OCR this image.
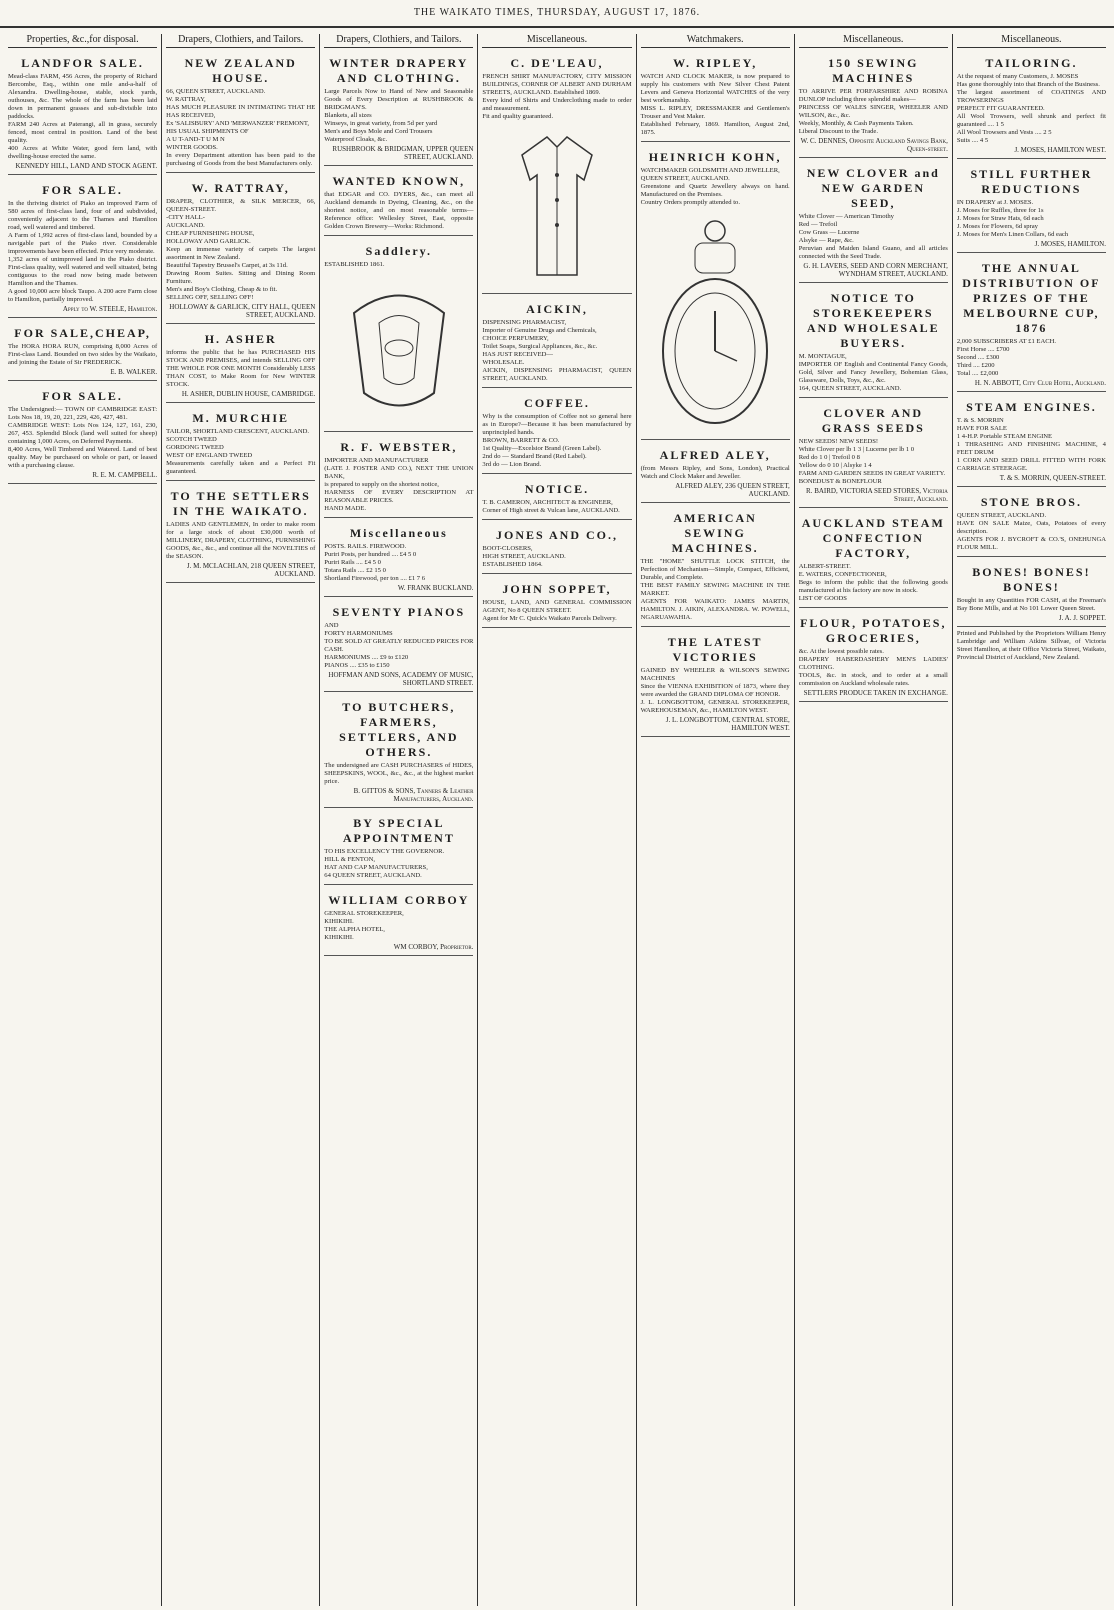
THE WAIKATO TIMES, THURSDAY, AUGUST 17, 1876.
Properties, &c.,for disposal.
LANDFOR SALE.
Mead-class FARM, 456 Acres, the property of Richard Bercombe, Esq., within one mile and-a-half of Alexandra. Dwelling-house, stable, stock yards, outhouses, &c. The whole of the farm has been laid down in permanent grasses and sub-divisible into paddocks.
FARM 240 Acres at Paterangi, all in grass, securely fenced, most central in position. Land of the best quality.
400 Acres at White Water, good fern land, with dwelling-house erected the same.
KENNEDY HILL, LAND AND STOCK AGENT.
FOR SALE.
In the thriving district of Piako an improved Farm of 580 acres of first-class land, four of and subdivided, conveniently adjacent to the Thames and Hamilton road, well watered and timbered.
A Farm of 1,992 acres of first-class land, bounded by a navigable part of the Piako river. Considerable improvements have been effected. Price very moderate.
1,352 acres of unimproved land in the Piako district. First-class quality, well watered and well situated, being contiguous to the road now being made between Hamilton and the Thames.
A good 10,000 acre block Taupo. A 200 acre Farm close to Hamilton, partially improved.
Apply to W. STEELE, Hamilton.
FOR SALE,CHEAP,
The HORA HORA RUN, comprising 8,000 Acres of First-class Land. Bounded on two sides by the Waikato, and joining the Estate of Sir FREDERICK.
E. B. WALKER.
FOR SALE.
The Undersigned:— TOWN OF CAMBRIDGE EAST: Lots Nos 18, 19, 20, 221, 229, 426, 427, 481.
CAMBRIDGE WEST: Lots Nos 124, 127, 161, 230, 267, 453. Splendid Block (land well suited for sheep) containing 1,000 Acres, on Deferred Payments.
8,400 Acres, Well Timbered and Watered. Land of best quality. May be purchased on whole or part, or leased with a purchasing clause.
R. E. M. CAMPBELL.
Drapers, Clothiers, and Tailors.
NEW ZEALAND HOUSE.
66, QUEEN STREET, AUCKLAND.
W. RATTRAY,
HAS MUCH PLEASURE IN INTIMATING THAT HE HAS RECEIVED,
Ex 'SALISBURY' AND 'MERWANZER' FREMONT,
HIS USUAL SHIPMENTS OF
A U T-AND-T U M N
WINTER GOODS.
In every Department attention has been paid to the purchasing of Goods from the best Manufacturers only.
W. RATTRAY,
DRAPER, CLOTHIER, & SILK MERCER, 66, QUEEN-STREET.
-CITY HALL-
AUCKLAND.
CHEAP FURNISHING HOUSE,
HOLLOWAY AND GARLICK.
Keep an immense variety of carpets The largest assortment in New Zealand.
Beautiful Tapestry Brussel's Carpet, at 3s 11d.
Drawing Room Suites. Sitting and Dining Room Furniture.
Men's and Boy's Clothing, Cheap & to fit.
SELLING OFF, SELLING OFF!
HOLLOWAY & GARLICK, CITY HALL, QUEEN STREET, AUCKLAND.
H. ASHER
informs the public that he has PURCHASED HIS STOCK AND PREMISES, and intends SELLING OFF THE WHOLE FOR ONE MONTH Considerably LESS THAN COST, to Make Room for New WINTER STOCK.
H. ASHER, DUBLIN HOUSE, CAMBRIDGE.
M. MURCHIE
TAILOR, SHORTLAND CRESCENT, AUCKLAND.
SCOTCH TWEED
GORDONG TWEED
WEST OF ENGLAND TWEED
Measurements carefully taken and a Perfect Fit guaranteed.
TO THE SETTLERS IN THE WAIKATO.
LADIES AND GENTLEMEN, In order to make room for a large stock of about £30,000 worth of MILLINERY, DRAPERY, CLOTHING, FURNISHING GOODS, &c., &c., and continue all the NOVELTIES of the SEASON.
J. M. MCLACHLAN, 218 QUEEN STREET, AUCKLAND.
Drapers, Clothiers, and Tailors.
WINTER DRAPERY AND CLOTHING.
Large Parcels Now to Hand of New and Seasonable Goods of Every Description at RUSHBROOK & BRIDGMAN'S.
Blankets, all sizes
Winseys, in great variety, from 5d per yard
Men's and Boys Mole and Cord Trousers
Waterproof Cloaks, &c.
RUSHBROOK & BRIDGMAN, UPPER QUEEN STREET, AUCKLAND.
WANTED KNOWN,
that EDGAR and CO. DYERS, &c., can meet all Auckland demands in Dyeing, Cleaning, &c., on the shortest notice, and on most reasonable terms—Reference office: Wellesley Street, East, opposite Golden Crown Brewery—Works: Richmond.
Saddlery.
ESTABLISHED 1861.
R. F. WEBSTER,
IMPORTER AND MANUFACTURER
(LATE J. FOSTER AND CO.), NEXT THE UNION BANK,
is prepared to supply on the shortest notice,
HARNESS OF EVERY DESCRIPTION AT REASONABLE PRICES.
HAND MADE.
Miscellaneous
POSTS. RAILS. FIREWOOD.
Puriri Posts, per hundred .... £4 5 0
Puriri Rails .... £4 5 0
Totara Rails .... £2 15 0
Shortland Firewood, per ton .... £1 7 6
W. FRANK BUCKLAND.
SEVENTY PIANOS
AND
FORTY HARMONIUMS
TO BE SOLD AT GREATLY REDUCED PRICES FOR CASH.
HARMONIUMS .... £9 to £120
PIANOS .... £35 to £150
HOFFMAN AND SONS, ACADEMY OF MUSIC, SHORTLAND STREET.
TO BUTCHERS, FARMERS, SETTLERS, AND OTHERS.
The undersigned are CASH PURCHASERS of HIDES, SHEEPSKINS, WOOL, &c., &c., at the highest market price.
B. GITTOS & SONS, Tanners & Leather Manufacturers, Auckland.
BY SPECIAL APPOINTMENT
TO HIS EXCELLENCY THE GOVERNOR.
HILL & FENTON,
HAT AND CAP MANUFACTURERS,
64 QUEEN STREET, AUCKLAND.
WILLIAM CORBOY
GENERAL STOREKEEPER,
KIHIKIHI.
THE ALPHA HOTEL,
KIHIKIHI.
WM CORBOY, Proprietor.
Miscellaneous.
C. DE'LEAU,
FRENCH SHIRT MANUFACTORY, CITY MISSION BUILDINGS, CORNER OF ALBERT AND DURHAM STREETS, AUCKLAND. Established 1869.
Every kind of Shirts and Underclothing made to order and measurement.
Fit and quality guaranteed.
AICKIN,
DISPENSING PHARMACIST,
Importer of Genuine Drugs and Chemicals,
CHOICE PERFUMERY,
Toilet Soaps, Surgical Appliances, &c., &c.
HAS JUST RECEIVED—
WHOLESALE.
AICKIN, DISPENSING PHARMACIST, QUEEN STREET, AUCKLAND.
COFFEE.
Why is the consumption of Coffee not so general here as in Europe?—Because it has been manufactured by unprincipled hands.
BROWN, BARRETT & CO.
1st Quality—Excelsior Brand (Green Label).
2nd do — Standard Brand (Red Label).
3rd do — Lion Brand.
NOTICE.
T. B. CAMERON, ARCHITECT & ENGINEER,
Corner of High street & Vulcan lane, AUCKLAND.
JONES AND CO.,
BOOT-CLOSERS,
HIGH STREET, AUCKLAND.
ESTABLISHED 1864.
JOHN SOPPET,
HOUSE, LAND, AND GENERAL COMMISSION AGENT, No 8 QUEEN STREET.
Agent for Mr C. Quick's Waikato Parcels Delivery.
Watchmakers.
W. RIPLEY,
WATCH AND CLOCK MAKER, is now prepared to supply his customers with New Silver Chest Patent Levers and Geneva Horizontal WATCHES of the very best workmanship.
MISS L. RIPLEY, DRESSMAKER and Gentlemen's Trouser and Vest Maker.
Established February, 1869. Hamilton, August 2nd, 1875.
HEINRICH KOHN,
WATCHMAKER GOLDSMITH AND JEWELLER,
QUEEN STREET, AUCKLAND.
Greenstone and Quartz Jewellery always on hand. Manufactured on the Premises.
Country Orders promptly attended to.
ALFRED ALEY,
(from Messrs Ripley, and Sons, London), Practical Watch and Clock Maker and Jeweller.
ALFRED ALEY, 236 QUEEN STREET, AUCKLAND.
AMERICAN SEWING MACHINES.
THE "HOME" SHUTTLE LOCK STITCH, the Perfection of Mechanism—Simple, Compact, Efficient, Durable, and Complete.
THE BEST FAMILY SEWING MACHINE IN THE MARKET.
AGENTS FOR WAIKATO: JAMES MARTIN, HAMILTON. J. AIKIN, ALEXANDRA. W. POWELL, NGARUAWAHIA.
THE LATEST VICTORIES
GAINED BY WHEELER & WILSON'S SEWING MACHINES
Since the VIENNA EXHIBITION of 1873, where they were awarded the GRAND DIPLOMA OF HONOR.
J. L. LONGBOTTOM, GENERAL STOREKEEPER, WAREHOUSEMAN, &c., HAMILTON WEST.
J. L. LONGBOTTOM, CENTRAL STORE, HAMILTON WEST.
Miscellaneous.
150 SEWING MACHINES
TO ARRIVE PER FORFARSHIRE AND ROBINA DUNLOP including three splendid makes—
PRINCESS OF WALES SINGER, WHEELER AND WILSON, &c., &c.
Weekly, Monthly, & Cash Payments Taken.
Liberal Discount to the Trade.
W. C. DENNES, Opposite Auckland Savings Bank, Queen-street.
NEW CLOVER and NEW GARDEN SEED,
White Clover — American Timothy
Red — Trefoil
Cow Grass — Lucerne
Alsyke — Rape, &c.
Peruvian and Maiden Island Guano, and all articles connected with the Seed Trade.
G. H. LAVERS, SEED AND CORN MERCHANT, WYNDHAM STREET, AUCKLAND.
NOTICE TO STOREKEEPERS AND WHOLESALE BUYERS.
M. MONTAGUE,
IMPORTER OF English and Continental Fancy Goods, Gold, Silver and Fancy Jewellery, Bohemian Glass, Glassware, Dolls, Toys, &c., &c.
164, QUEEN STREET, AUCKLAND.
CLOVER AND GRASS SEEDS
NEW SEEDS! NEW SEEDS!
White Clover per lb 1 3 | Lucerne per lb 1 0
Red do 1 0 | Trefoil 0 8
Yellow do 0 10 | Alsyke 1 4
FARM AND GARDEN SEEDS IN GREAT VARIETY.
BONEDUST & BONEFLOUR
R. BAIRD, VICTORIA SEED STORES, Victoria Street, Auckland.
AUCKLAND STEAM CONFECTION FACTORY,
ALBERT-STREET.
E. WATERS, CONFECTIONER,
Begs to inform the public that the following goods manufactured at his factory are now in stock.
LIST OF GOODS
FLOUR, POTATOES, GROCERIES,
&c. At the lowest possible rates.
DRAPERY HABERDASHERY MEN'S LADIES' CLOTHING.
TOOLS, &c. in stock, and to order at a small commission on Auckland wholesale rates.
SETTLERS PRODUCE TAKEN IN EXCHANGE.
Miscellaneous.
TAILORING.
At the request of many Customers, J. MOSES
Has gone thoroughly into that Branch of the Business.
The largest assortment of COATINGS AND TROWSERINGS
PERFECT FIT GUARANTEED.
All Wool Trowsers, well shrunk and perfect fit guaranteed .... 1 5
All Wool Trowsers and Vests .... 2 5
Suits .... 4 5
J. MOSES, HAMILTON WEST.
STILL FURTHER REDUCTIONS
IN DRAPERY at J. MOSES.
J. Moses for Ruffles, three for 1s
J. Moses for Straw Hats, 6d each
J. Moses for Flowers, 6d spray
J. Moses for Men's Linen Collars, 6d each
J. MOSES, HAMILTON.
THE ANNUAL DISTRIBUTION OF PRIZES OF THE MELBOURNE CUP, 1876
2,000 SUBSCRIBERS AT £1 EACH.
First Horse .... £700
Second .... £300
Third .... £200
Total .... £2,000
H. N. ABBOTT, City Club Hotel, Auckland.
STEAM ENGINES.
T. & S. MORRIN
HAVE FOR SALE
1 4-H.P. Portable STEAM ENGINE
1 THRASHING AND FINISHING MACHINE, 4 FEET DRUM
1 CORN AND SEED DRILL FITTED WITH FORK CARRIAGE STEERAGE.
T. & S. MORRIN, QUEEN-STREET.
STONE BROS.
QUEEN STREET, AUCKLAND.
HAVE ON SALE Maize, Oats, Potatoes of every description.
AGENTS FOR J. BYCROFT & CO.'S, ONEHUNGA FLOUR MILL.
BONES! BONES! BONES!
Bought in any Quantities FOR CASH, at the Freeman's Bay Bone Mills, and at No 101 Lower Queen Street.
J. A. J. SOPPET.
Printed and Published by the Proprietors William Henry Lambridge and William Atkins Sillvae, of Victoria Street Hamilton, at their Office Victoria Street, Waikato, Provincial District of Auckland, New Zealand.
